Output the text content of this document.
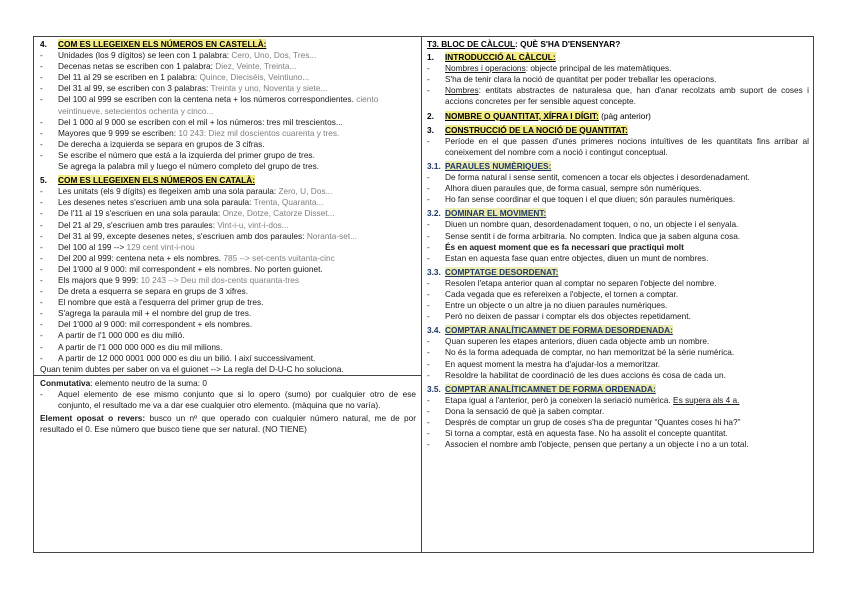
4. COM ES LLEGEIXEN ELS NÚMEROS EN CASTELLÀ:
-	Unidades (los 9 dígitos) se leen con 1 palabra: Cero, Uno, Dos, Tres...
-	Decenas netas se escriben con 1 palabra: Diez, Veinte, Treinta...
-	Del 11 al 29 se escriben en 1 palabra: Quince, Dieciséis, Veintiuno...
-	Del 31 al 99, se escriben con 3 palabras: Treinta y uno, Noventa y siete...
-	Del 100 al 999 se escriben con la centena neta + los números correspondientes. ciento veintinueve, setecientos ochenta y cinco...
-	Del 1 000 al 9 000 se escriben con el mil + los números: tres mil trescientos...
-	Mayores que 9 999 se escriben: 10 243: Diez mil doscientos cuarenta y tres.
-	De derecha a izquierda se separa en grupos de 3 cifras.
-	Se escribe el número que está a la izquierda del primer grupo de tres.
Se agrega la palabra mil y luego el número completo del grupo de tres.
5. COM ES LLEGEIXEN ELS NÚMEROS EN CATALÀ:
-	Les unitats (els 9 dígits) es llegeixen amb una sola paraula: Zero, U, Dos...
-	Les desenes netes s'escriuen amb una sola paraula: Trenta, Quaranta...
-	De l'11 al 19 s'escriuen en una sola paraula: Onze, Dotze, Catorze Disset...
-	Del 21 al 29, s'escriuen amb tres paraules: Vint-i-u, vint-i-dos...
-	Del 31 al 99, excepte desenes netes, s'escriuen amb dos paraules: Noranta-set...
-	Del 100 al 199 --> 129 cent vint-i-nou
-	Del 200 al 999: centena neta + els nombres. 785 --> set-cents vuitanta-cinc
-	Del 1'000 al 9 000: mil correspondent + els nombres. No porten guionet.
-	Els majors que 9 999: 10 243 --> Deu mil dos-cents quaranta-tres
-	De dreta a esquerra se separa en grups de 3 xifres.
-	El nombre que està a l'esquerra del primer grup de tres.
-	S'agrega la paraula mil + el nombre del grup de tres.
-	Del 1'000 al 9 000: mil correspondent + els nombres.
-	A partir de l'1 000 000 es diu milió.
-	A partir de l'1 000 000 000 es diu mil milions.
-	A partir de 12 000 0001 000 000 es diu un bilió. I així successivament.
Quan tenim dubtes per saber on va el guionet --> La regla del D-U-C ho soluciona.
Conmutativa: elemento neutro de la suma: 0
-	Aquel elemento de ese mismo conjunto que si lo opero (sumo) por cualquier otro de ese conjunto, el resultado me va a dar ese cualquier otro elemento. (màquina que no varía).
Element oposat o revers: busco un nº que operado con cualquier número natural, me de por resultado el 0. Ese número que busco tiene que ser natural. (NO TIENE)
T3. BLOC DE CÀLCUL: QUÈ S'HA D'ENSENYAR?
1. INTRODUCCIÓ AL CÀLCUL:
-	Nombres i operacions: objecte principal de les matemàtiques.
-	S'ha de tenir clara la noció de quantitat per poder treballar les operacions.
-	Nombres: entitats abstractes de naturalesa que, han d'anar recolzats amb suport de coses i accions concretes per fer sensible aquest concepte.
2. NOMBRE O QUANTITAT, XÍFRA I DÍGIT: (pàg anterior)
3. CONSTRUCCIÓ DE LA NOCIÓ DE QUANTITAT:
-	Període en el que passen d'unes primeres nocions intuïtives de les quantitats fins arribar al coneixement del nombre com a noció i contingut conceptual.
3.1. PARAULES NUMÈRIQUES:
-	De forma natural i sense sentit, comencen a tocar els objectes i desordenadament.
-	Alhora diuen paraules que, de forma casual, sempre són numèriques.
-	Ho fan sense coordinar el que toquen i el que diuen; són paraules numèriques.
3.2. DOMINAR EL MOVIMENT:
-	Diuen un nombre quan, desordenadament toquen, o no, un objecte i el senyala.
-	Sense sentit i de forma arbitraria. No compten. Indica que ja saben alguna cosa.
-	És en aquest moment que es fa necessari que practiqui molt
-	Estan en aquesta fase quan entre objectes, diuen un munt de nombres.
3.3. COMPTATGE DESORDENAT:
-	Resolen l'etapa anterior quan al comptar no separen l'objecte del nombre.
-	Cada vegada que es refereixen a l'objecte, el tornen a comptar.
-	Entre un objecte o un altre ja no diuen paraules numèriques.
-	Però no deixen de passar i comptar els dos objectes repetidament.
3.4. COMPTAR ANALÍTICAMNET DE FORMA DESORDENADA:
-	Quan superen les etapes anteriors, diuen cada objecte amb un nombre.
-	No és la forma adequada de comptar, no han memoritzat bé la sèrie numèrica.
-	En aquest moment la mestra ha d'ajudar-los a memoritzar.
-	Resoldre la habilitat de coordinació de les dues accions és cosa de cada un.
3.5. COMPTAR ANALÍTICAMNET DE FORMA ORDENADA:
-	Etapa igual a l'anterior, però ja coneixen la seriació numèrica. Es supera als 4 a.
-	Dona la sensació de què ja saben comptar.
-	Després de comptar un grup de coses s'ha de preguntar “Quantes coses hi ha?”
-	Si torna a comptar, està en aquesta fase. No ha assolit el concepte quantitat.
-	Associen el nombre amb l'objecte, pensen que pertany a un objecte i no a un total.
